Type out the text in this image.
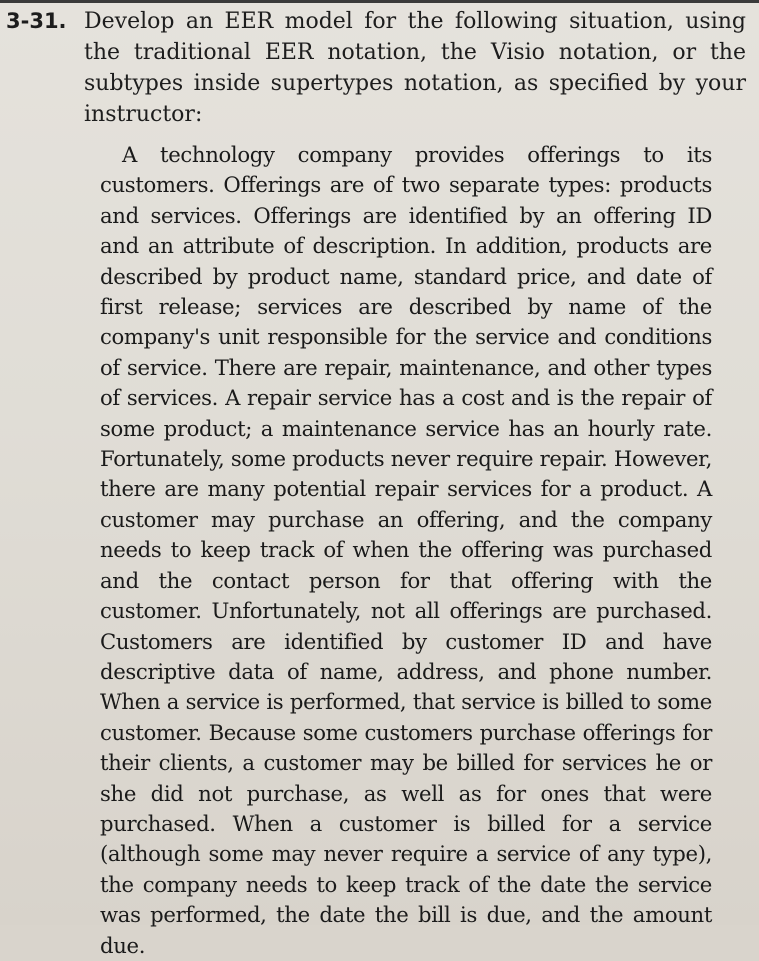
3-31. Develop an EER model for the following situation, using the traditional EER notation, the Visio notation, or the subtypes inside supertypes notation, as specified by your instructor:
A technology company provides offerings to its customers. Offerings are of two separate types: products and services. Offerings are identified by an offering ID and an attribute of description. In addition, products are described by product name, standard price, and date of first release; services are described by name of the company's unit responsible for the service and conditions of service. There are repair, maintenance, and other types of services. A repair service has a cost and is the repair of some product; a maintenance service has an hourly rate. Fortunately, some products never require repair. However, there are many potential repair services for a product. A customer may purchase an offering, and the company needs to keep track of when the offering was purchased and the contact person for that offering with the customer. Unfortunately, not all offerings are purchased. Customers are identified by customer ID and have descriptive data of name, address, and phone number. When a service is performed, that service is billed to some customer. Because some customers purchase offerings for their clients, a customer may be billed for services he or she did not purchase, as well as for ones that were purchased. When a customer is billed for a service (although some may never require a service of any type), the company needs to keep track of the date the service was performed, the date the bill is due, and the amount due.
